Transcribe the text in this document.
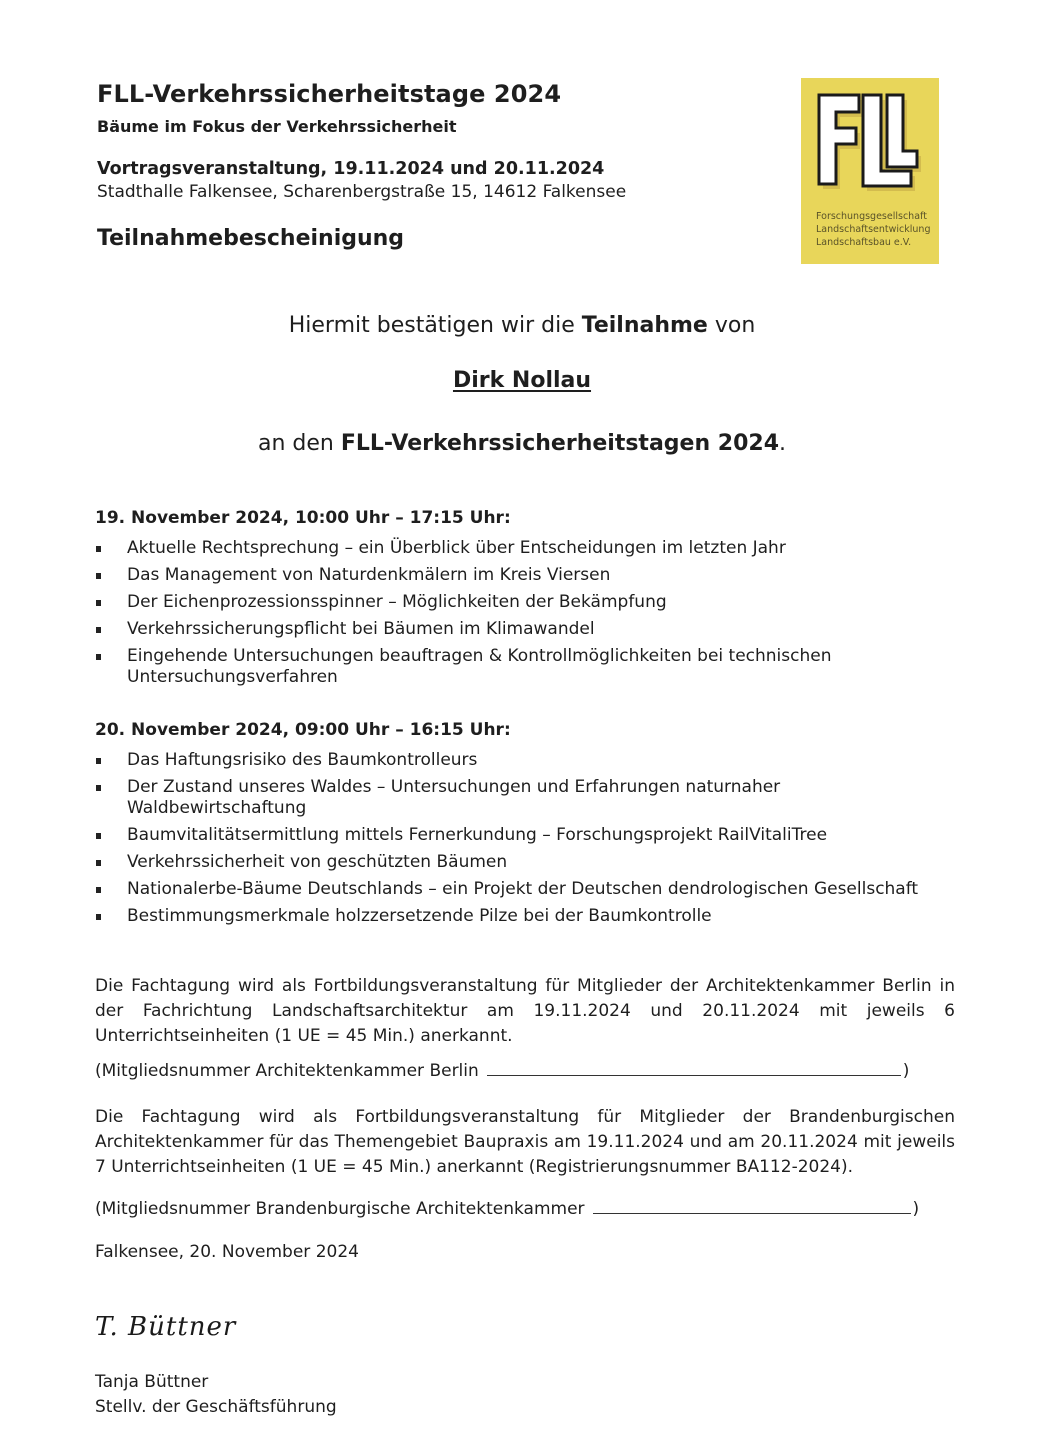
FLL-Verkehrssicherheitstage 2024
Bäume im Fokus der Verkehrssicherheit
Vortragsveranstaltung, 19.11.2024 und 20.11.2024
Stadthalle Falkensee, Scharenbergstraße 15, 14612 Falkensee
Teilnahmebescheinigung
Forschungsgesellschaft
Landschaftsentwicklung
Landschaftsbau e.V.
Hiermit bestätigen wir die Teilnahme von
Dirk Nollau
an den FLL-Verkehrssicherheitstagen 2024.
19. November 2024, 10:00 Uhr – 17:15 Uhr:
Aktuelle Rechtsprechung – ein Überblick über Entscheidungen im letzten Jahr
Das Management von Naturdenkmälern im Kreis Viersen
Der Eichenprozessionsspinner – Möglichkeiten der Bekämpfung
Verkehrssicherungspflicht bei Bäumen im Klimawandel
Eingehende Untersuchungen beauftragen & Kontrollmöglichkeiten bei technischen Untersuchungsverfahren
20. November 2024, 09:00 Uhr – 16:15 Uhr:
Das Haftungsrisiko des Baumkontrolleurs
Der Zustand unseres Waldes – Untersuchungen und Erfahrungen naturnaher Waldbewirtschaftung
Baumvitalitätsermittlung mittels Fernerkundung – Forschungsprojekt RailVitaliTree
Verkehrssicherheit von geschützten Bäumen
Nationalerbe-Bäume Deutschlands – ein Projekt der Deutschen dendrologischen Gesellschaft
Bestimmungsmerkmale holzzersetzende Pilze bei der Baumkontrolle
Die Fachtagung wird als Fortbildungsveranstaltung für Mitglieder der Architektenkammer Berlin in der Fachrichtung Landschaftsarchitektur am 19.11.2024 und 20.11.2024 mit jeweils 6 Unterrichtseinheiten (1 UE = 45 Min.) anerkannt.
(Mitgliedsnummer Architektenkammer Berlin	)
Die Fachtagung wird als Fortbildungsveranstaltung für Mitglieder der Brandenburgischen Architektenkammer für das Themengebiet Baupraxis am 19.11.2024 und am 20.11.2024 mit jeweils 7 Unterrichtseinheiten (1 UE = 45 Min.) anerkannt (Registrierungsnummer BA112-2024).
(Mitgliedsnummer Brandenburgische Architektenkammer	)
Falkensee, 20. November 2024
T. Büttner
Tanja Büttner
Stellv. der Geschäftsführung
